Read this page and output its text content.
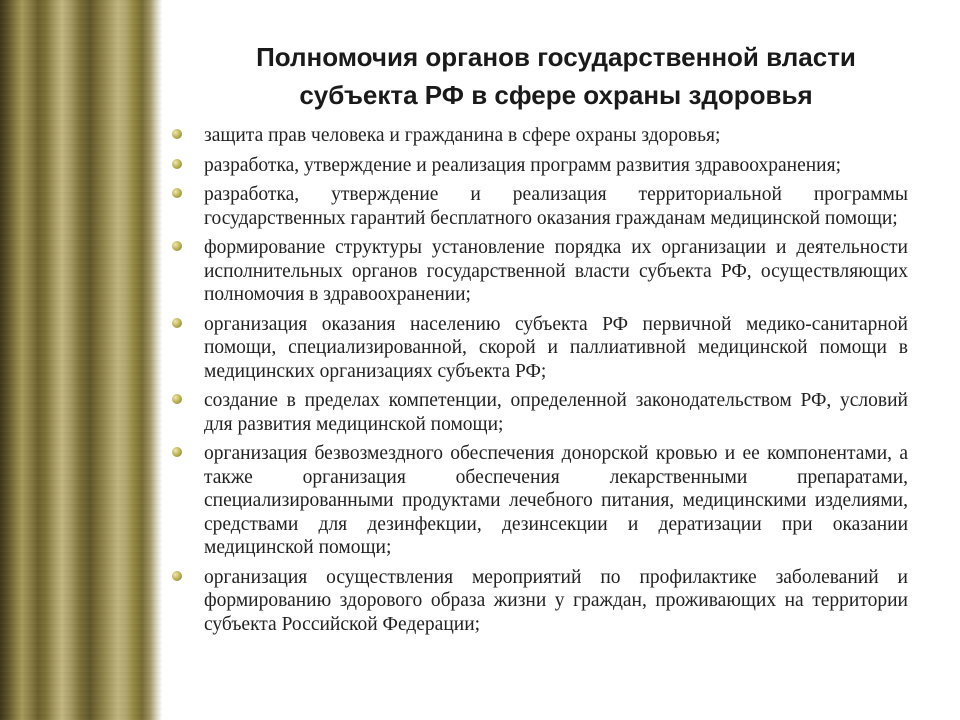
Полномочия органов государственной власти
субъекта РФ в сфере охраны здоровья
защита прав человека и гражданина в сфере охраны здоровья;
разработка, утверждение и реализация программ развития здравоохранения;
разработка, утверждение и реализация территориальной программы государственных гарантий бесплатного оказания гражданам медицинской помощи;
формирование структуры установление порядка их организации и деятельности исполнительных органов государственной власти субъекта РФ, осуществляющих полномочия в здравоохранении;
организация оказания населению субъекта РФ первичной медико-санитарной помощи, специализированной, скорой и паллиативной медицинской помощи в медицинских организациях субъекта РФ;
создание в пределах компетенции, определенной законодательством РФ, условий для развития медицинской помощи;
организация безвозмездного обеспечения донорской кровью и ее компонентами, а также организация обеспечения лекарственными препаратами, специализированными продуктами лечебного питания, медицинскими изделиями, средствами для дезинфекции, дезинсекции и дератизации при оказании медицинской помощи;
организация осуществления мероприятий по профилактике заболеваний и формированию здорового образа жизни у граждан, проживающих на территории субъекта Российской Федерации;
